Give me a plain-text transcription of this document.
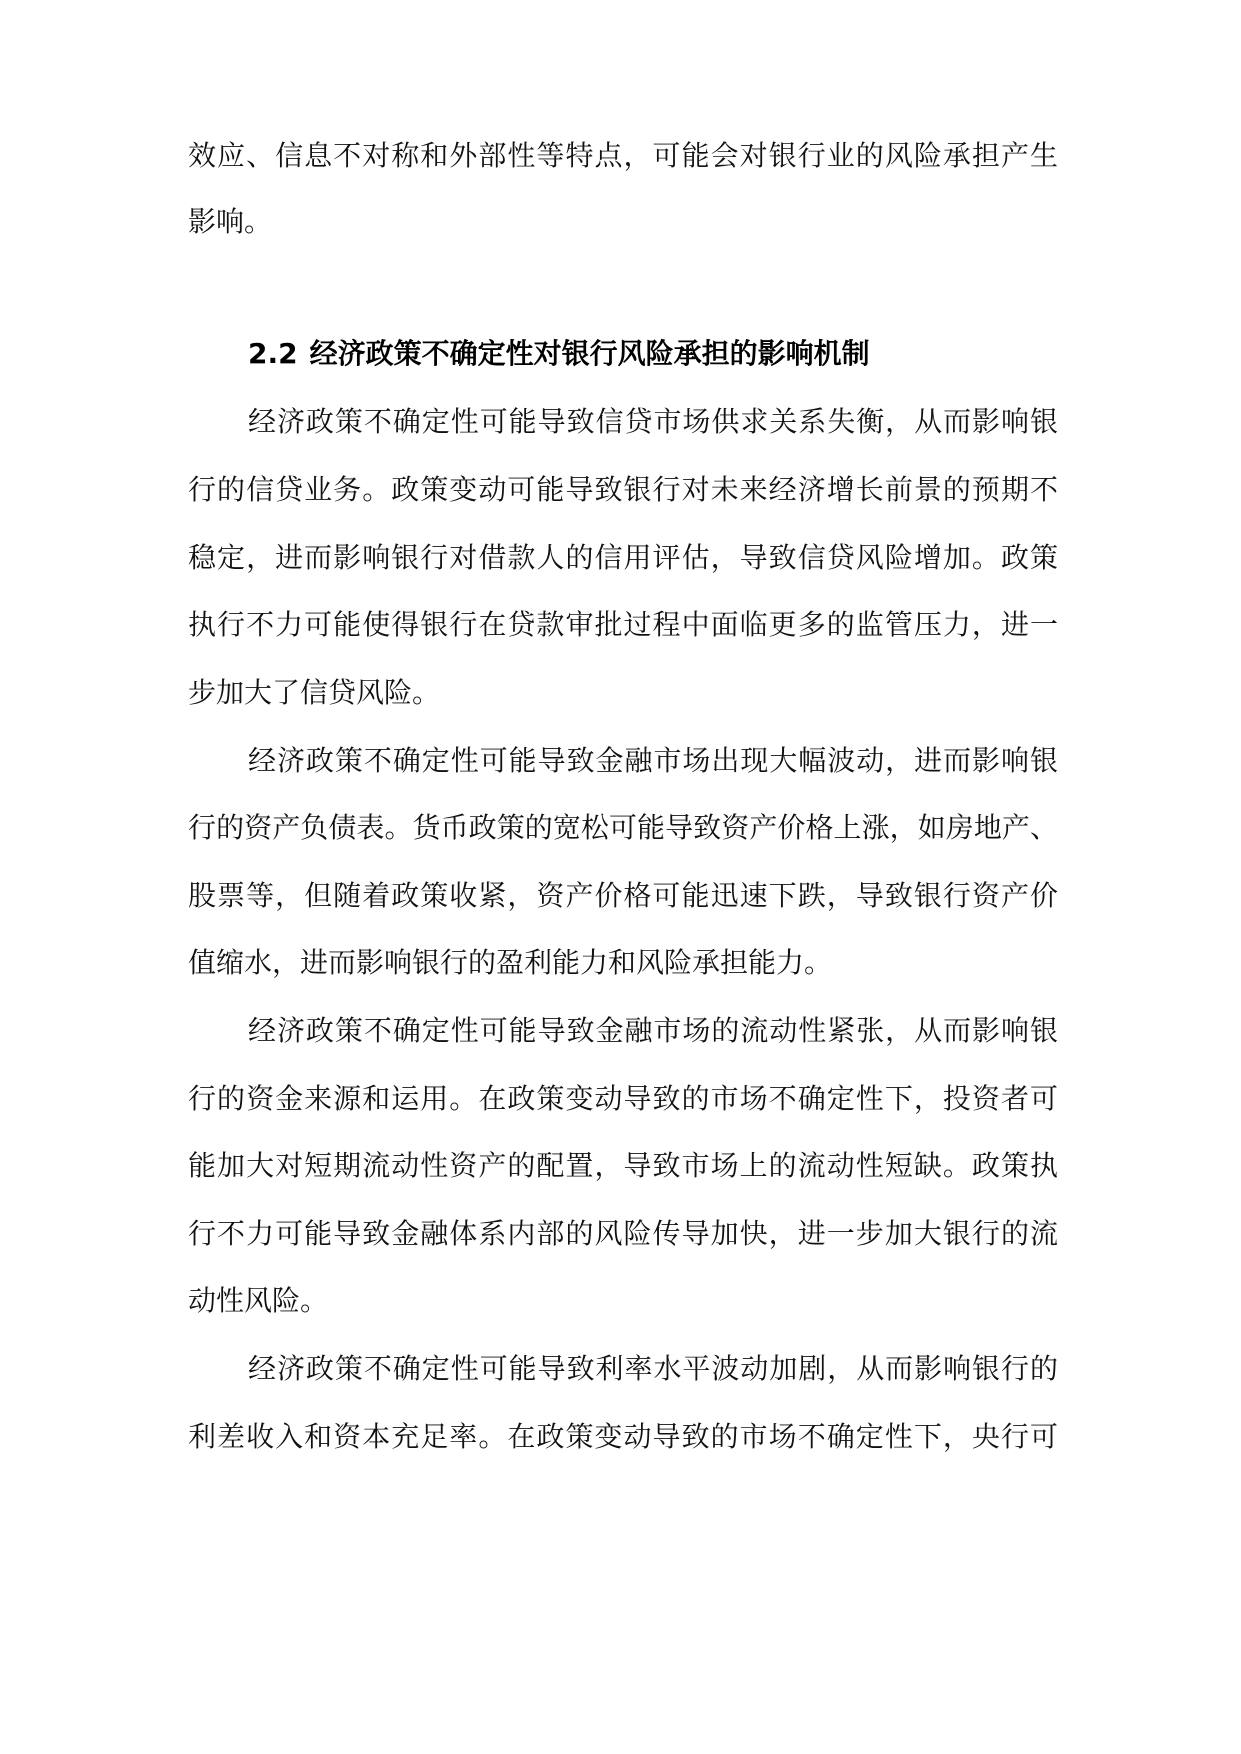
效应、信息不对称和外部性等特点，可能会对银行业的风险承担产生
影响。
2.2 经济政策不确定性对银行风险承担的影响机制
经济政策不确定性可能导致信贷市场供求关系失衡，从而影响银
行的信贷业务。政策变动可能导致银行对未来经济增长前景的预期不
稳定，进而影响银行对借款人的信用评估，导致信贷风险增加。政策
执行不力可能使得银行在贷款审批过程中面临更多的监管压力，进一
步加大了信贷风险。
经济政策不确定性可能导致金融市场出现大幅波动，进而影响银
行的资产负债表。货币政策的宽松可能导致资产价格上涨，如房地产、
股票等，但随着政策收紧，资产价格可能迅速下跌，导致银行资产价
值缩水，进而影响银行的盈利能力和风险承担能力。
经济政策不确定性可能导致金融市场的流动性紧张，从而影响银
行的资金来源和运用。在政策变动导致的市场不确定性下，投资者可
能加大对短期流动性资产的配置，导致市场上的流动性短缺。政策执
行不力可能导致金融体系内部的风险传导加快，进一步加大银行的流
动性风险。
经济政策不确定性可能导致利率水平波动加剧，从而影响银行的
利差收入和资本充足率。在政策变动导致的市场不确定性下，央行可
